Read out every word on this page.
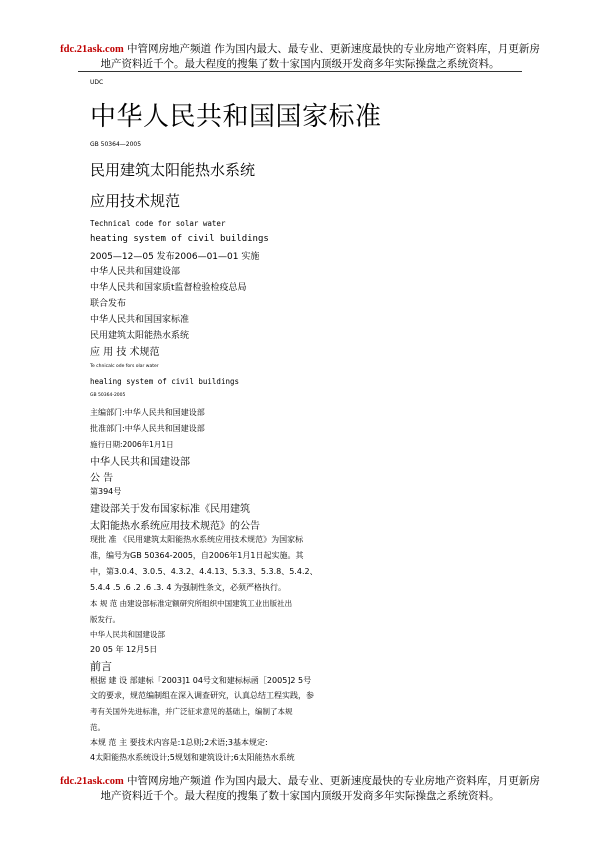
fdc.21ask.com 中管网房地产频道 作为国内最大、最专业、更新速度最快的专业房地产资料库，月更新房
地产资料近千个。最大程度的搜集了数十家国内顶级开发商多年实际操盘之系统资料。
UDC
中华人民共和国国家标准
GB 50364—2005
民用建筑太阳能热水系统
应用技术规范
Technical code for solar water
heating system of civil buildings
2005—12—05 发布2006—01—01 实施
中华人民共和国建设部
中华人民共和国家质t监督检验检疫总局
联合发布
中华人民共和国国家标准
民用建筑太阳能热水系统
应 用 技 术规范
Te chnicalc ode fors olar water
healing system of civil buildings
GB 50364-2005
主编部门:中华人民共和国建设部
批准部门:中华人民共和国建设部
施行日期:2006年1月1日
中华人民共和国建设部
公 告
第394号
建设部关于发布国家标准《民用建筑
太阳能热水系统应用技术规范》的公告
现批 准 《民用建筑太阳能热水系统应用技术规范》为国家标
准，编号为GB 50364-2005，自2006年1月1日起实施。其
中，第3.0.4、3.0.5、4.3.2、4.4.13、5.3.3、5.3.8、5.4.2、
5.4.4 .5 .6 .2 .6 .3. 4 为强制性条文，必须严格执行。
本 规 范 由建设部标准定额研究所组织中国建筑工业出版社出
版发行。
中华人民共和国建设部
20 05 年 12月5日
前言
根据 建 设 部建标「2003]1 04号文和建标标函［2005]2 5号
文的要求，规范编制组在深入调查研究，认真总结工程实践，参
考有关国外先进标准，并广泛征求意见的基础上，编制了本规
范。
本规 范 主 要技术内容是:1总则;2术语;3基本规定:
4太阳能热水系统设计;5规划和建筑设计;6太阳能热水系统
fdc.21ask.com 中管网房地产频道 作为国内最大、最专业、更新速度最快的专业房地产资料库，月更新房
地产资料近千个。最大程度的搜集了数十家国内顶级开发商多年实际操盘之系统资料。
